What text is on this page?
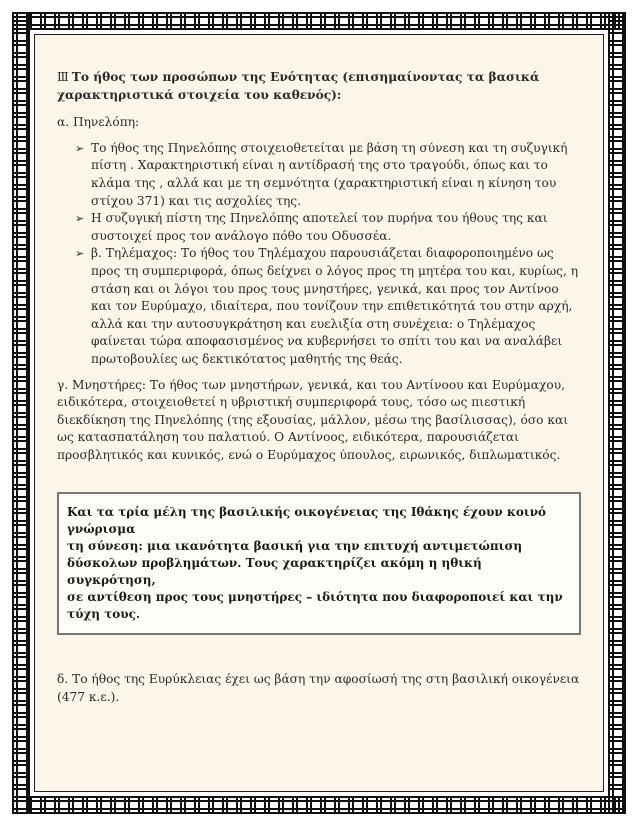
Ⅲ Το ήθος των προσώπων της Ενότητας (επισημαίνοντας τα βασικά χαρακτηριστικά στοιχεία του καθενός):

α. Πηνελόπη:

➢ Το ήθος της Πηνελόπης στοιχειοθετείται με βάση τη σύνεση και τη συζυγική πίστη . Χαρακτηριστική είναι η αντίδρασή της στο τραγούδι, όπως και το κλάμα της , αλλά και με τη σεμνότητα (χαρακτηριστική είναι η κίνηση του στίχου 371) και τις ασχολίες της.
➢ Η συζυγική πίστη της Πηνελόπης αποτελεί τον πυρήνα του ήθους της και συστοιχεί προς τον ανάλογο πόθο του Οδυσσέα.
➢ β. Τηλέμαχος: Το ήθος του Τηλέμαχου παρουσιάζεται διαφοροποιημένο ως προς τη συμπεριφορά, όπως δείχνει ο λόγος προς τη μητέρα του και, κυρίως, η στάση και οι λόγοι του προς τους μνηστήρες, γενικά, και προς τον Αντίνοο και τον Ευρύμαχο, ιδιαίτερα, που τονίζουν την επιθετικότητά του στην αρχή, αλλά και την αυτοσυγκράτηση και ευελιξία στη συνέχεια: ο Τηλέμαχος φαίνεται τώρα αποφασισμένος να κυβερνήσει το σπίτι του και να αναλάβει πρωτοβουλίες ως δεκτικότατος μαθητής της θεάς.

γ. Μνηστήρες: Το ήθος των μνηστήρων, γενικά, και του Αντίνοου και Ευρύμαχου, ειδικότερα, στοιχειοθετεί η υβριστική συμπεριφορά τους, τόσο ως πιεστική διεκδίκηση της Πηνελόπης (της εξουσίας, μάλλον, μέσω της βασίλισσας), όσο και ως κατασπατάληση του παλατιού. Ο Αντίνοος, ειδικότερα, παρουσιάζεται προσβλητικός και κυνικός, ενώ ο Ευρύμαχος ύπουλος, ειρωνικός, διπλωματικός.

Και τα τρία μέλη της βασιλικής οικογένειας της Ιθάκης έχουν κοινό γνώρισμα
τη σύνεση: μια ικανότητα βασική για την επιτυχή αντιμετώπιση
δύσκολων προβλημάτων. Τους χαρακτηρίζει ακόμη η ηθική συγκρότηση,
σε αντίθεση προς τους μνηστήρες – ιδιότητα που διαφοροποιεί και την τύχη τους.

δ. Το ήθος της Ευρύκλειας έχει ως βάση την αφοσίωσή της στη βασιλική οικογένεια (477 κ.ε.).
